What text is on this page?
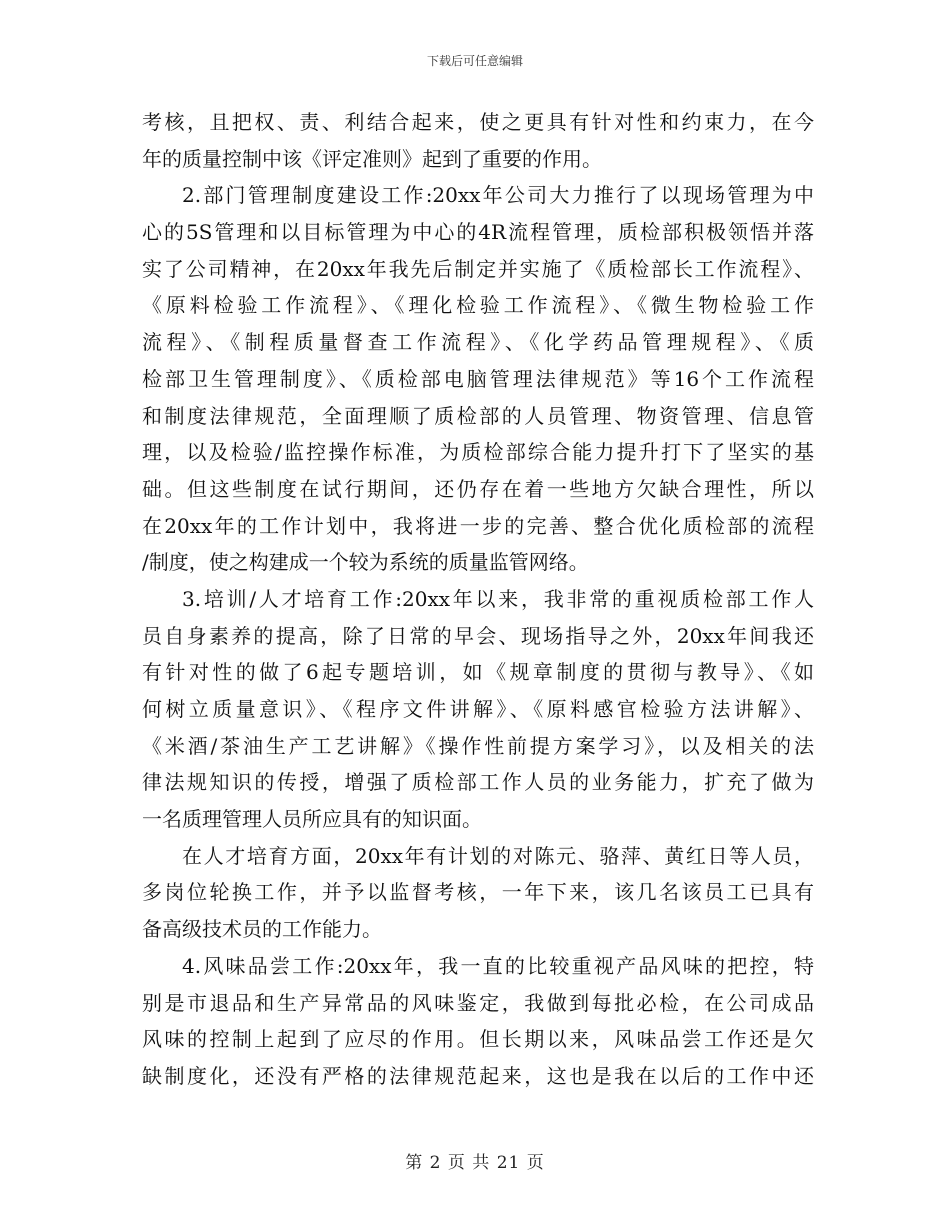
下载后可任意编辑
考核，且把权、责、利结合起来，使之更具有针对性和约束力，在今
年的质量控制中该《评定准则》起到了重要的作用。
2.部门管理制度建设工作:20xx年公司大力推行了以现场管理为中
心的5S管理和以目标管理为中心的4R流程管理，质检部积极领悟并落
实了公司精神，在20xx年我先后制定并实施了《质检部长工作流程》、
《原料检验工作流程》、《理化检验工作流程》、《微生物检验工作
流程》、《制程质量督查工作流程》、《化学药品管理规程》、《质
检部卫生管理制度》、《质检部电脑管理法律规范》等16个工作流程
和制度法律规范，全面理顺了质检部的人员管理、物资管理、信息管
理，以及检验/监控操作标准，为质检部综合能力提升打下了坚实的基
础。但这些制度在试行期间，还仍存在着一些地方欠缺合理性，所以
在20xx年的工作计划中，我将进一步的完善、整合优化质检部的流程
/制度，使之构建成一个较为系统的质量监管网络。
3.培训/人才培育工作:20xx年以来，我非常的重视质检部工作人
员自身素养的提高，除了日常的早会、现场指导之外，20xx年间我还
有针对性的做了6起专题培训，如《规章制度的贯彻与教导》、《如
何树立质量意识》、《程序文件讲解》、《原料感官检验方法讲解》、
《米酒/茶油生产工艺讲解》《操作性前提方案学习》，以及相关的法
律法规知识的传授，增强了质检部工作人员的业务能力，扩充了做为
一名质理管理人员所应具有的知识面。
在人才培育方面，20xx年有计划的对陈元、骆萍、黄红日等人员，
多岗位轮换工作，并予以监督考核，一年下来，该几名该员工已具有
备高级技术员的工作能力。
4.风味品尝工作:20xx年，我一直的比较重视产品风味的把控，特
别是市退品和生产异常品的风味鉴定，我做到每批必检，在公司成品
风味的控制上起到了应尽的作用。但长期以来，风味品尝工作还是欠
缺制度化，还没有严格的法律规范起来，这也是我在以后的工作中还
第 2 页 共 21 页
